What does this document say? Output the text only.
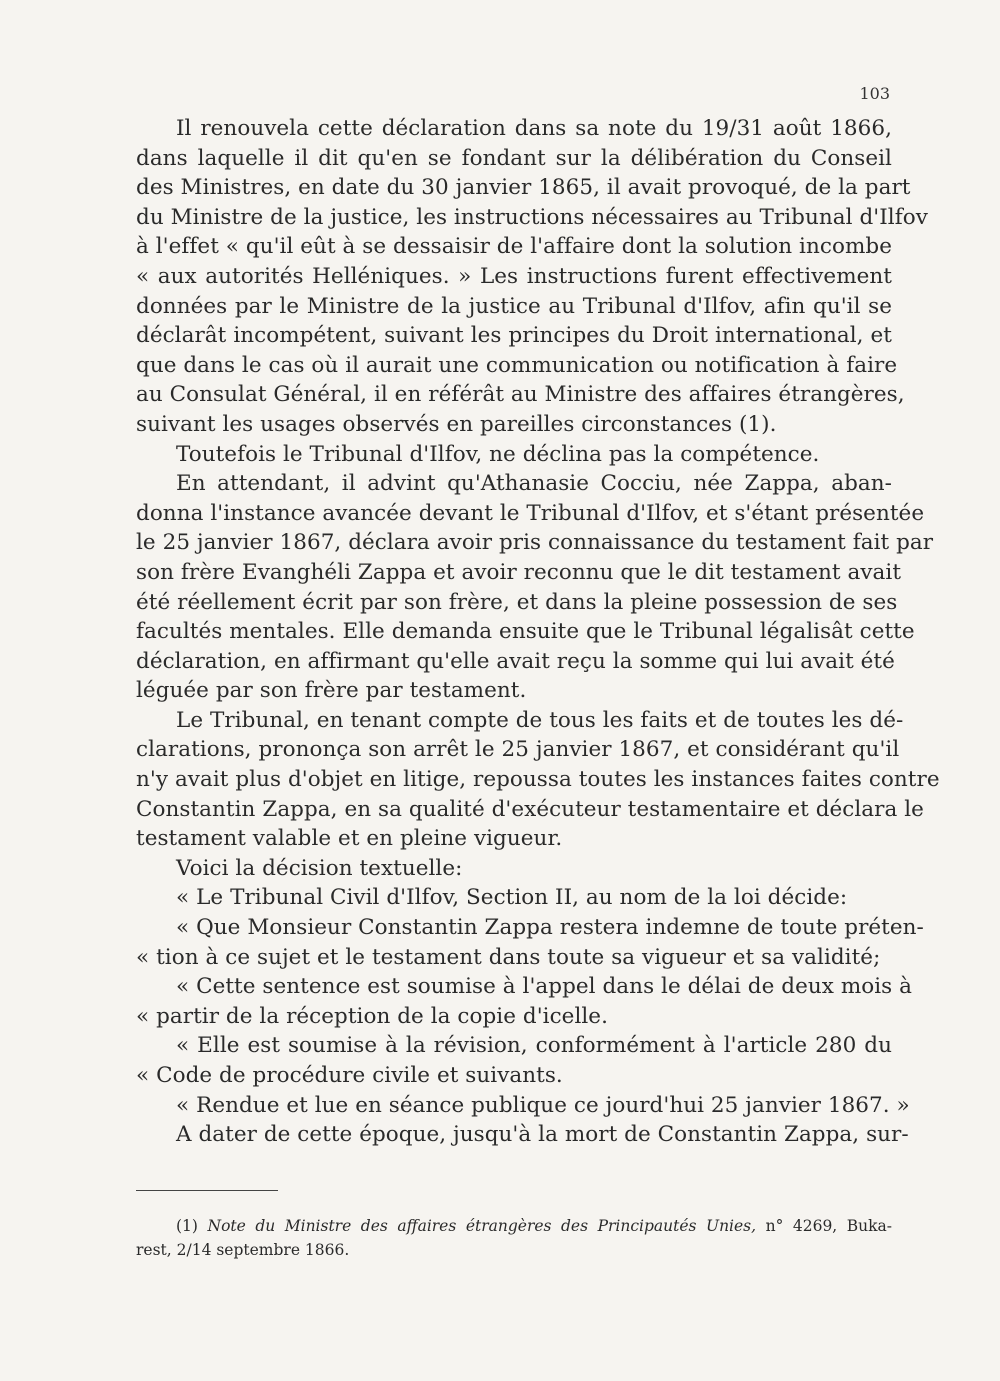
103
Il renouvela cette déclaration dans sa note du 19/31 août 1866,
dans laquelle il dit qu'en se fondant sur la délibération du Conseil
des Ministres, en date du 30 janvier 1865, il avait provoqué, de la part
du Ministre de la justice, les instructions nécessaires au Tribunal d'Ilfov
à l'effet « qu'il eût à se dessaisir de l'affaire dont la solution incombe
« aux autorités Helléniques. » Les instructions furent effectivement
données par le Ministre de la justice au Tribunal d'Ilfov, afin qu'il se
déclarât incompétent, suivant les principes du Droit international, et
que dans le cas où il aurait une communication ou notification à faire
au Consulat Général, il en référât au Ministre des affaires étrangères,
suivant les usages observés en pareilles circonstances (1).
Toutefois le Tribunal d'Ilfov, ne déclina pas la compétence.
En attendant, il advint qu'Athanasie Cocciu, née Zappa, aban-
donna l'instance avancée devant le Tribunal d'Ilfov, et s'étant présentée
le 25 janvier 1867, déclara avoir pris connaissance du testament fait par
son frère Evanghéli Zappa et avoir reconnu que le dit testament avait
été réellement écrit par son frère, et dans la pleine possession de ses
facultés mentales. Elle demanda ensuite que le Tribunal légalisât cette
déclaration, en affirmant qu'elle avait reçu la somme qui lui avait été
léguée par son frère par testament.
Le Tribunal, en tenant compte de tous les faits et de toutes les dé-
clarations, prononça son arrêt le 25 janvier 1867, et considérant qu'il
n'y avait plus d'objet en litige, repoussa toutes les instances faites contre
Constantin Zappa, en sa qualité d'exécuteur testamentaire et déclara le
testament valable et en pleine vigueur.
Voici la décision textuelle:
« Le Tribunal Civil d'Ilfov, Section II, au nom de la loi décide:
« Que Monsieur Constantin Zappa restera indemne de toute préten-
« tion à ce sujet et le testament dans toute sa vigueur et sa validité;
« Cette sentence est soumise à l'appel dans le délai de deux mois à
« partir de la réception de la copie d'icelle.
« Elle est soumise à la révision, conformément à l'article 280 du
« Code de procédure civile et suivants.
« Rendue et lue en séance publique ce jourd'hui 25 janvier 1867. »
A dater de cette époque, jusqu'à la mort de Constantin Zappa, sur-
(1) Note du Ministre des affaires étrangères des Principautés Unies, n° 4269, Buka-
rest, 2/14 septembre 1866.
